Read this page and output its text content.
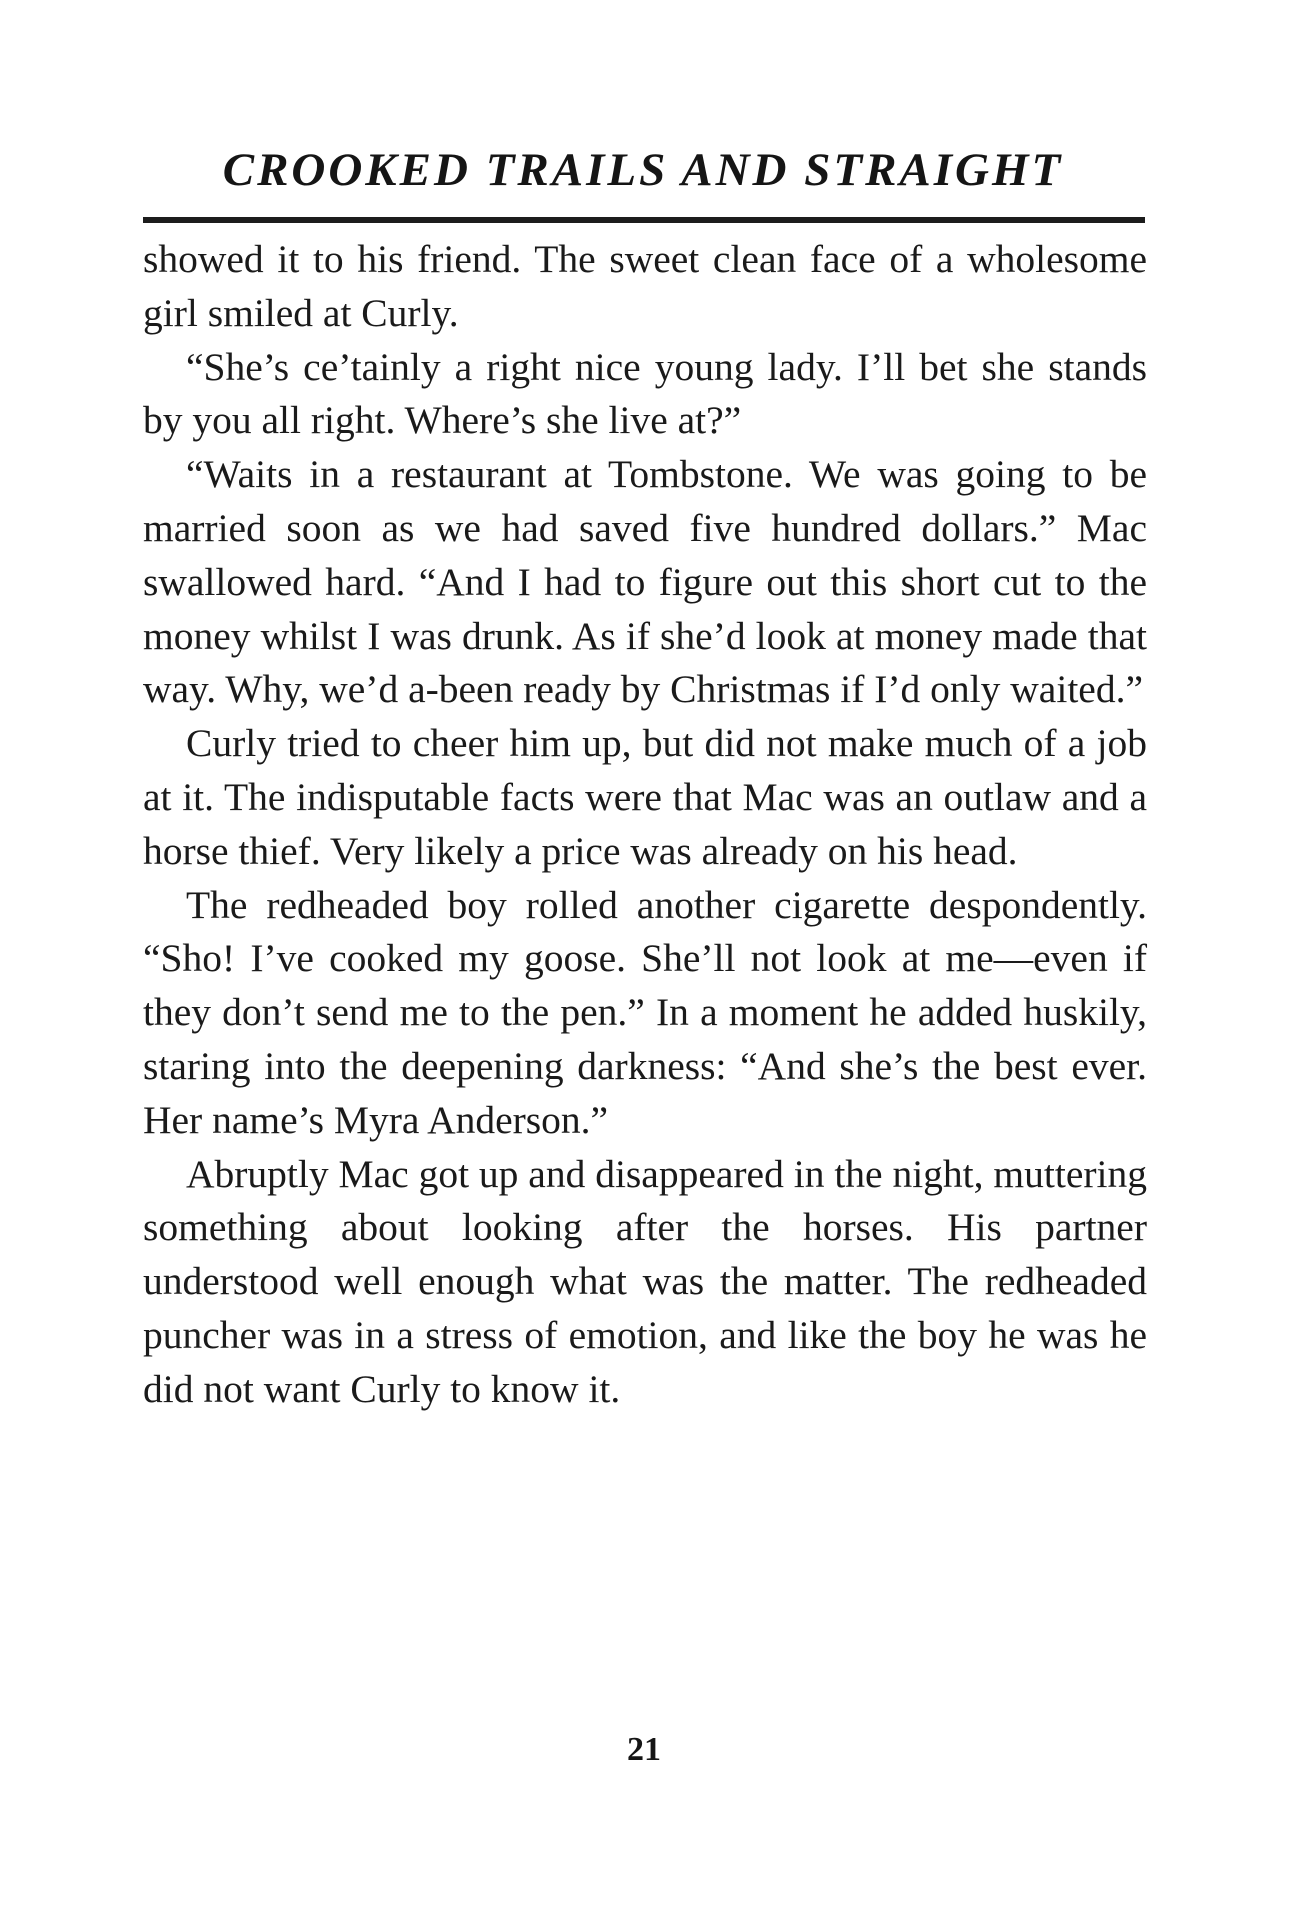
CROOKED TRAILS AND STRAIGHT

showed it to his friend. The sweet clean face of a wholesome girl smiled at Curly.

“She’s ce’tainly a right nice young lady. I’ll bet she stands by you all right. Where’s she live at?”

“Waits in a restaurant at Tombstone. We was going to be married soon as we had saved five hundred dollars.” Mac swallowed hard. “And I had to figure out this short cut to the money whilst I was drunk. As if she’d look at money made that way. Why, we’d a-been ready by Christmas if I’d only waited.”

Curly tried to cheer him up, but did not make much of a job at it. The indisputable facts were that Mac was an outlaw and a horse thief. Very likely a price was already on his head.

The redheaded boy rolled another cigarette despondently. “Sho! I’ve cooked my goose. She’ll not look at me—even if they don’t send me to the pen.” In a moment he added huskily, staring into the deepening darkness: “And she’s the best ever. Her name’s Myra Anderson.”

Abruptly Mac got up and disappeared in the night, muttering something about looking after the horses. His partner understood well enough what was the matter. The redheaded puncher was in a stress of emotion, and like the boy he was he did not want Curly to know it.

21
